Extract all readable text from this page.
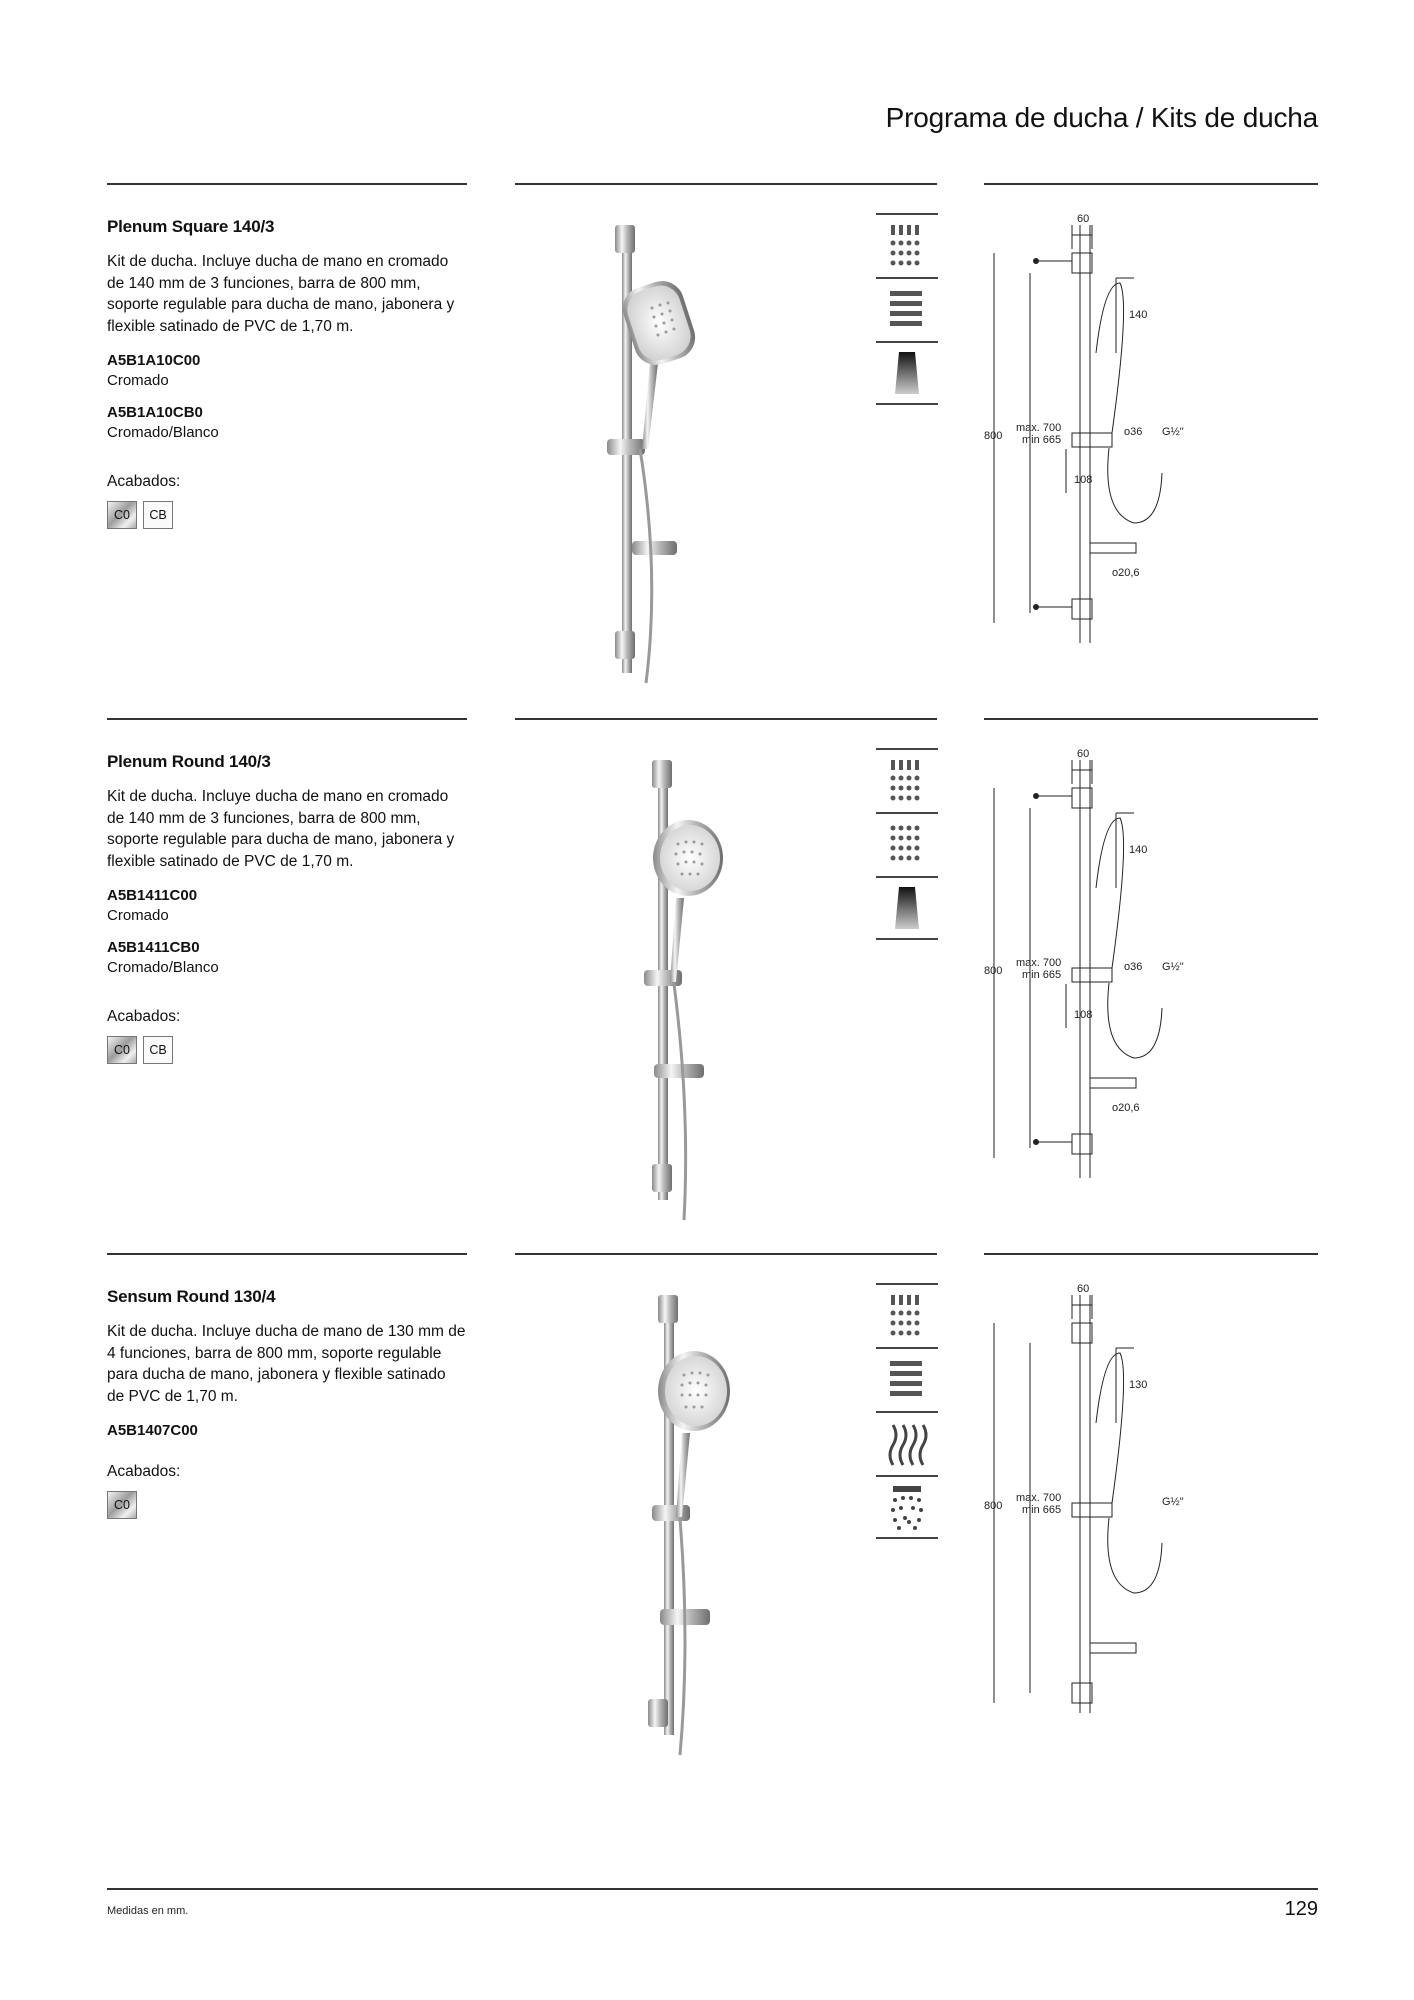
Programa de ducha / Kits de ducha
Plenum Square 140/3
Kit de ducha. Incluye ducha de mano en cromado de 140 mm de 3 funciones, barra de 800 mm, soporte regulable para ducha de mano, jabonera y flexible satinado de PVC de 1,70 m.
A5B1A10C00
Cromado
A5B1A10CB0
Cromado/Blanco
Acabados:
C0	CB
60
140
800
max. 700
min 665
o36 G½"
108
o20,6
Plenum Round 140/3
Kit de ducha. Incluye ducha de mano en cromado de 140 mm de 3 funciones, barra de 800 mm, soporte regulable para ducha de mano, jabonera y flexible satinado de PVC de 1,70 m.
A5B1411C00
Cromado
A5B1411CB0
Cromado/Blanco
Acabados:
C0	CB
60
140
800
max. 700
min 665
o36 G½"
108
o20,6
Sensum Round 130/4
Kit de ducha. Incluye ducha de mano de 130 mm de 4 funciones, barra de 800 mm, soporte regulable para ducha de mano, jabonera y flexible satinado de PVC de 1,70 m.
A5B1407C00
Acabados:
C0
60
130
800
max. 700
min 665
G½"
Medidas en mm.	129
